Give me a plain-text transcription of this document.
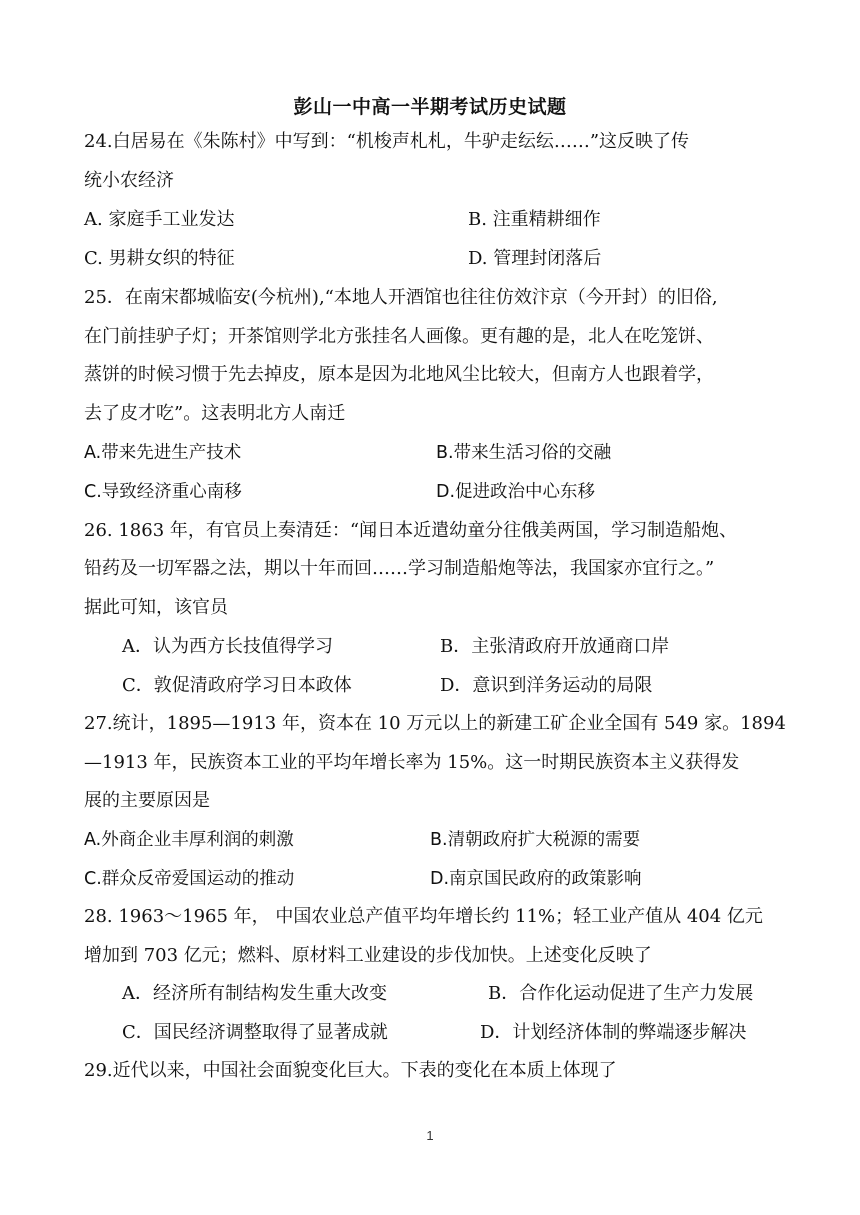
彭山一中高一半期考试历史试题
24.白居易在《朱陈村》中写到：“机梭声札札，牛驴走纭纭……”这反映了传
统小农经济
A. 家庭手工业发达	B. 注重精耕细作
C. 男耕女织的特征	D. 管理封闭落后
25．在南宋都城临安(今杭州),“本地人开酒馆也往往仿效汴京（今开封）的旧俗,
在门前挂驴子灯；开茶馆则学北方张挂名人画像。更有趣的是，北人在吃笼饼、
蒸饼的时候习惯于先去掉皮，原本是因为北地风尘比较大，但南方人也跟着学，
去了皮才吃”。这表明北方人南迁
A.带来先进生产技术	B.带来生活习俗的交融
C.导致经济重心南移	D.促进政治中心东移
26. 1863 年，有官员上奏清廷：“闻日本近遣幼童分往俄美两国，学习制造船炮、
铅药及一切军器之法，期以十年而回……学习制造船炮等法，我国家亦宜行之。”
据此可知，该官员
A．认为西方长技值得学习	B．主张清政府开放通商口岸
C．敦促清政府学习日本政体	D．意识到洋务运动的局限
27.统计，1895—1913 年，资本在 10 万元以上的新建工矿企业全国有 549 家。1894
—1913 年，民族资本工业的平均年增长率为 15%。这一时期民族资本主义获得发
展的主要原因是
A.外商企业丰厚利润的刺激	B.清朝政府扩大税源的需要
C.群众反帝爱国运动的推动	D.南京国民政府的政策影响
28. 1963～1965 年， 中国农业总产值平均年增长约 11%；轻工业产值从 404 亿元
增加到 703 亿元；燃料、原材料工业建设的步伐加快。上述变化反映了
A．经济所有制结构发生重大改变	B．合作化运动促进了生产力发展
C．国民经济调整取得了显著成就	D．计划经济体制的弊端逐步解决
29.近代以来，中国社会面貌变化巨大。下表的变化在本质上体现了
1
